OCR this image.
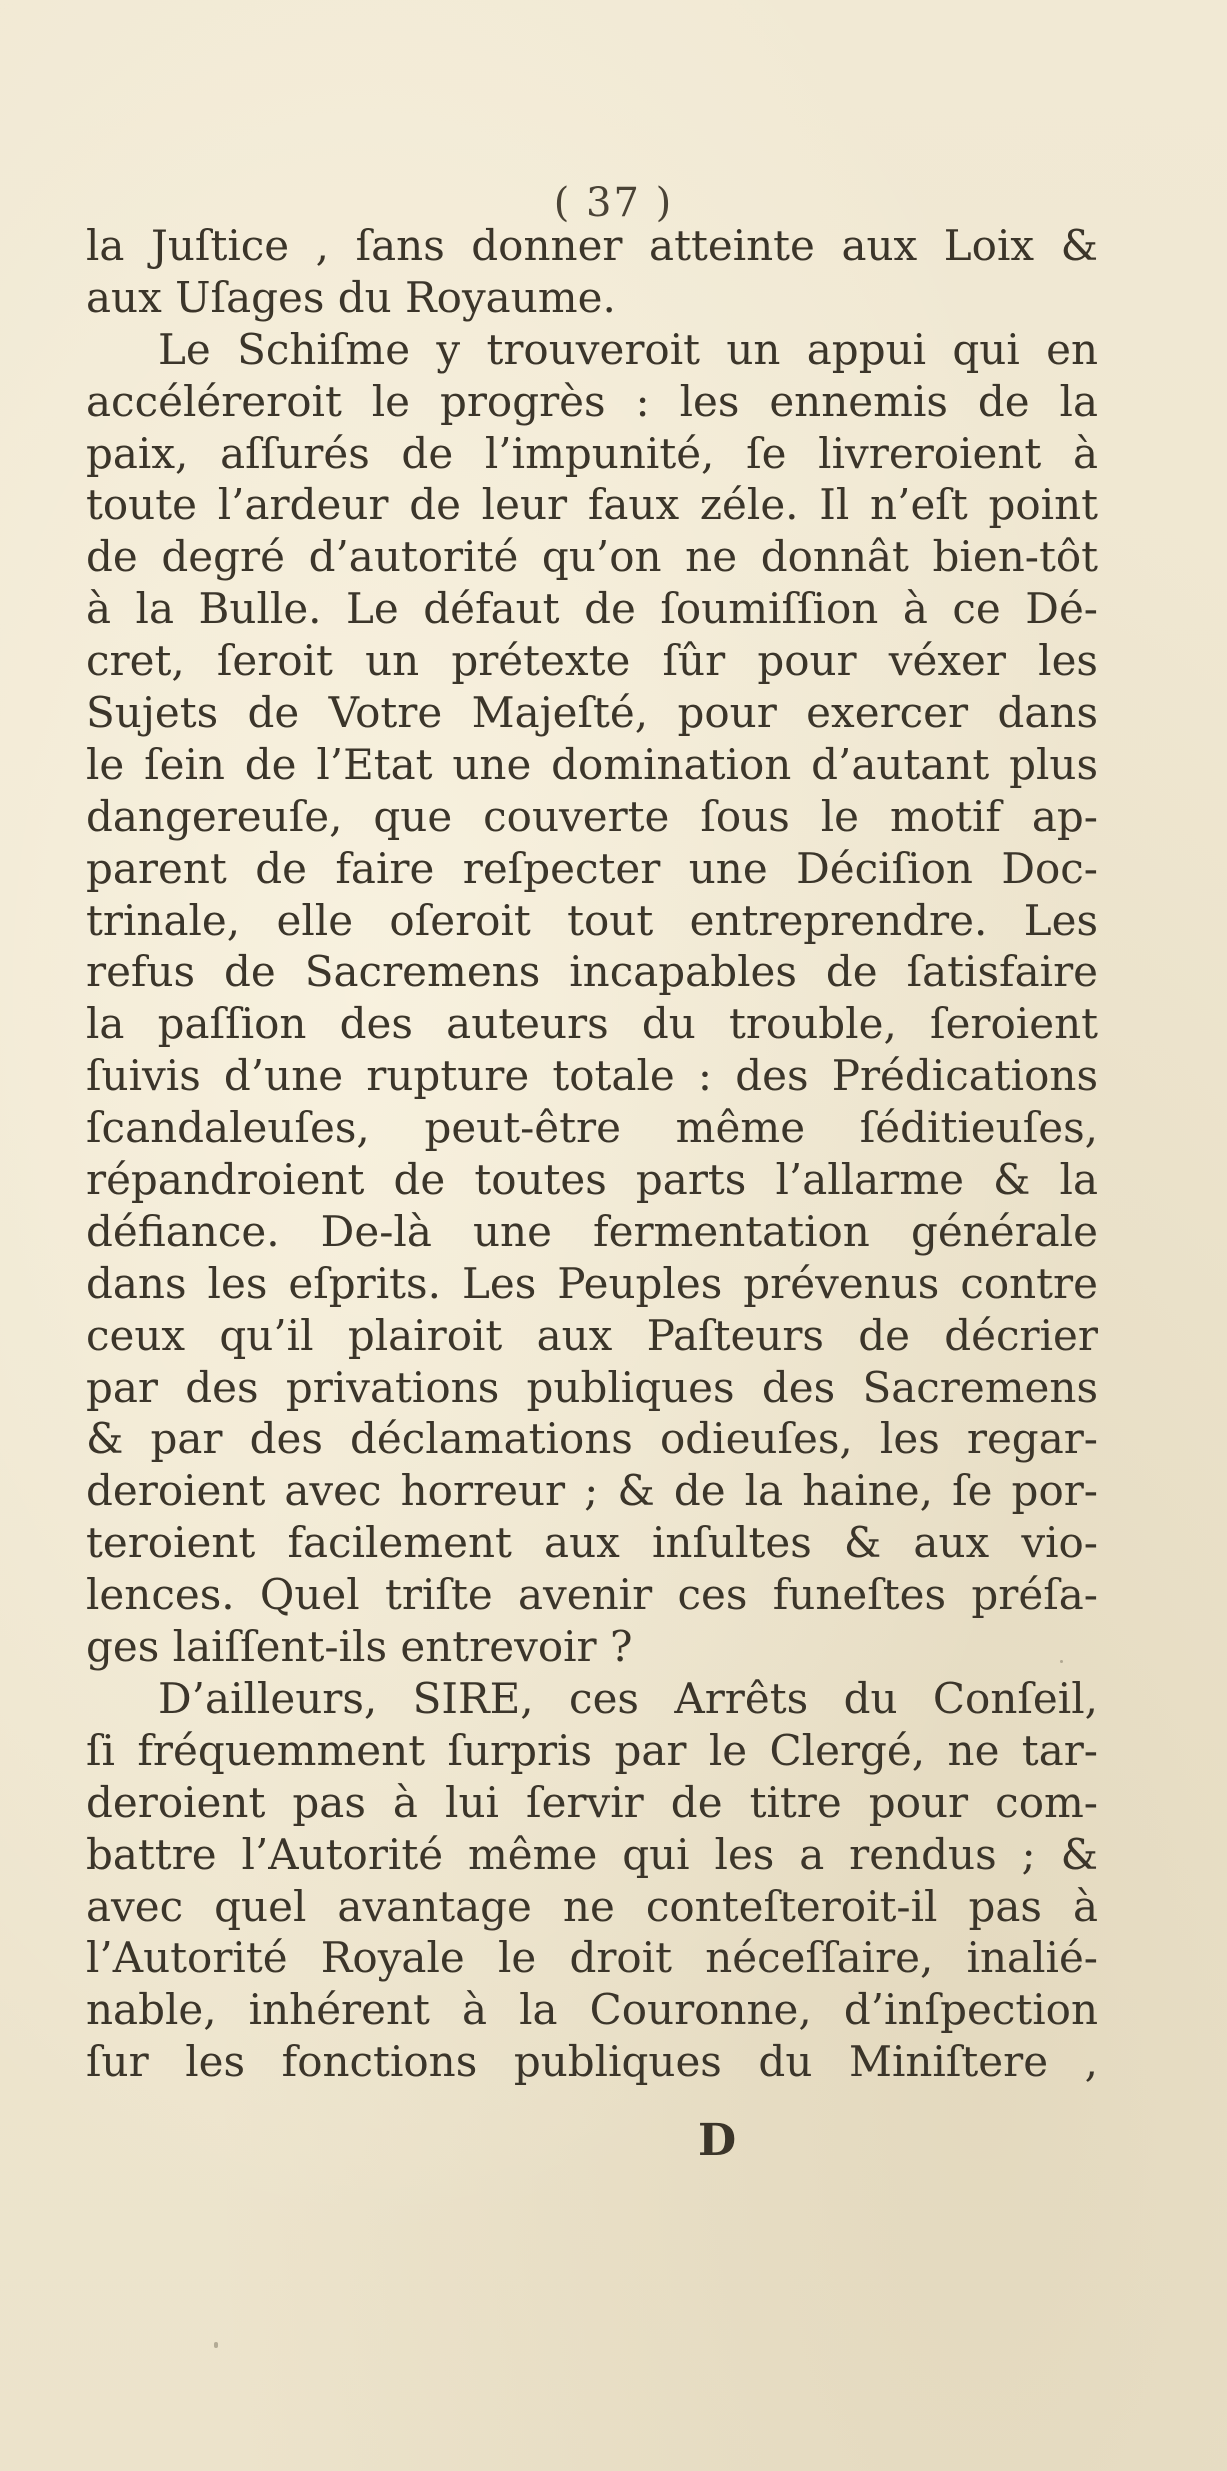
( 37 )
la Juſtice , ſans donner atteinte aux Loix &
aux Uſages du Royaume.
Le Schiſme y trouveroit un appui qui en
accéléreroit le progrès : les ennemis de la
paix, aſſurés de l’impunité, ſe livreroient à
toute l’ardeur de leur faux zéle. Il n’eſt point
de degré d’autorité qu’on ne donnât bien-tôt
à la Bulle. Le défaut de ſoumiſſion à ce Dé-
cret, ſeroit un prétexte ſûr pour véxer les
Sujets de Votre Majeſté, pour exercer dans
le ſein de l’Etat une domination d’autant plus
dangereuſe, que couverte ſous le motif ap-
parent de faire reſpecter une Déciſion Doc-
trinale, elle oſeroit tout entreprendre. Les
refus de Sacremens incapables de ſatisfaire
la paſſion des auteurs du trouble, ſeroient
ſuivis d’une rupture totale : des Prédications
ſcandaleuſes, peut-être même ſéditieuſes,
répandroient de toutes parts l’allarme & la
défiance. De-là une fermentation générale
dans les eſprits. Les Peuples prévenus contre
ceux qu’il plairoit aux Paſteurs de décrier
par des privations publiques des Sacremens
& par des déclamations odieuſes, les regar-
deroient avec horreur ; & de la haine, ſe por-
teroient facilement aux inſultes & aux vio-
lences. Quel triſte avenir ces funeſtes préſa-
ges laiſſent-ils entrevoir ?
D’ailleurs, SIRE, ces Arrêts du Conſeil,
ſi fréquemment ſurpris par le Clergé, ne tar-
deroient pas à lui ſervir de titre pour com-
battre l’Autorité même qui les a rendus ; &
avec quel avantage ne conteſteroit-il pas à
l’Autorité Royale le droit néceſſaire, inalié-
nable, inhérent à la Couronne, d’inſpection
ſur les fonctions publiques du Miniſtere ,
D
